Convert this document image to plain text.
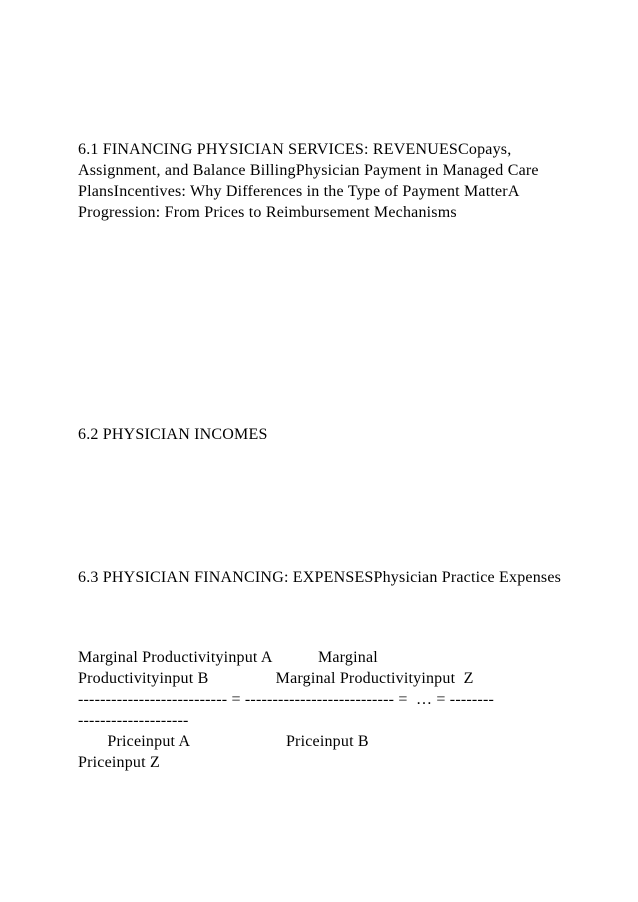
6.1 FINANCING PHYSICIAN SERVICES: REVENUESCopays, Assignment, and Balance BillingPhysician Payment in Managed Care PlansIncentives: Why Differences in the Type of Payment MatterA Progression: From Prices to Reimbursement Mechanisms

6.2 PHYSICIAN INCOMES

6.3 PHYSICIAN FINANCING: EXPENSESPhysician Practice Expenses

Marginal Productivityinput A           Marginal

Productivityinput B                Marginal Productivityinput  Z

--------------------------- = --------------------------- =  … = --------

--------------------

Priceinput A                       Priceinput B

Priceinput Z
